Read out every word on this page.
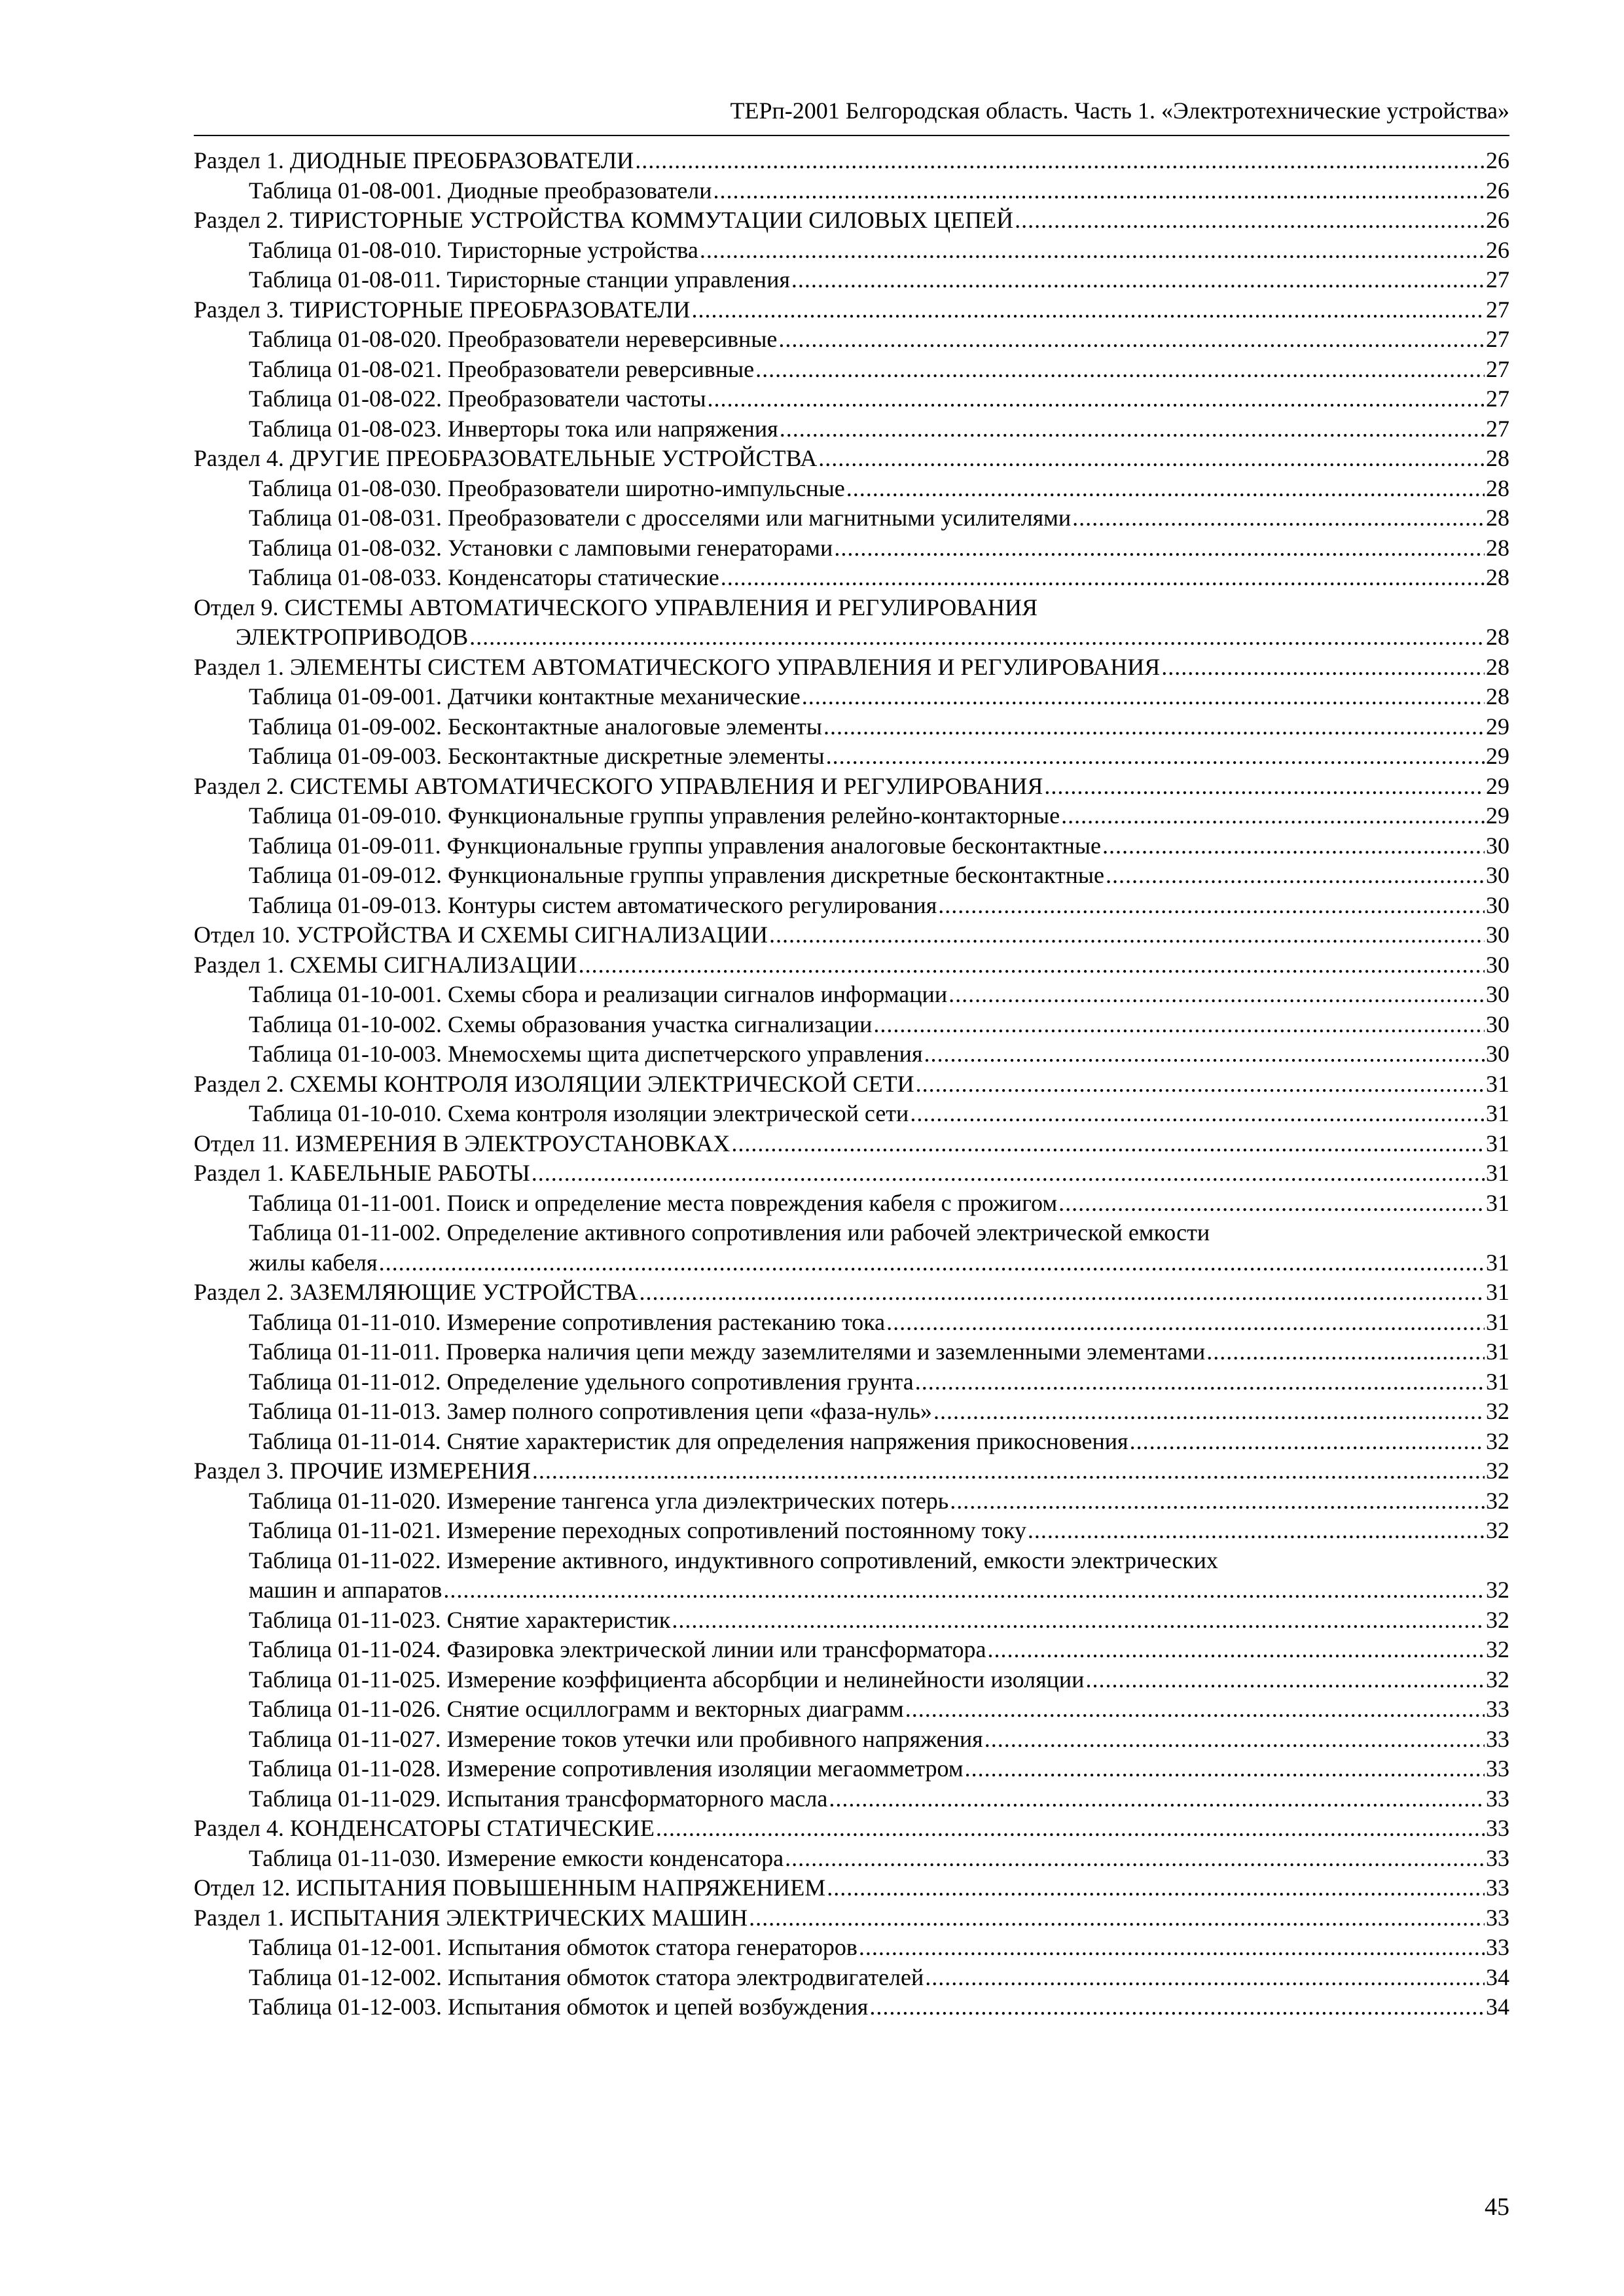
ТЕРп-2001 Белгородская область. Часть 1. «Электротехнические устройства»
Раздел 1. ДИОДНЫЕ ПРЕОБРАЗОВАТЕЛИ .....	26
Таблица 01-08-001. Диодные преобразователи .....	26
Раздел 2. ТИРИСТОРНЫЕ УСТРОЙСТВА КОММУТАЦИИ СИЛОВЫХ ЦЕПЕЙ .....	26
Таблица 01-08-010. Тиристорные устройства .....	26
Таблица 01-08-011. Тиристорные станции управления .....	27
Раздел 3. ТИРИСТОРНЫЕ ПРЕОБРАЗОВАТЕЛИ .....	27
Таблица 01-08-020. Преобразователи нереверсивные .....	27
Таблица 01-08-021. Преобразователи реверсивные .....	27
Таблица 01-08-022. Преобразователи частоты .....	27
Таблица 01-08-023. Инверторы тока или напряжения .....	27
Раздел 4. ДРУГИЕ ПРЕОБРАЗОВАТЕЛЬНЫЕ УСТРОЙСТВА .....	28
Таблица 01-08-030. Преобразователи широтно-импульсные .....	28
Таблица 01-08-031. Преобразователи с дросселями или магнитными усилителями .....	28
Таблица 01-08-032. Установки с ламповыми генераторами .....	28
Таблица 01-08-033. Конденсаторы статические .....	28
Отдел 9. СИСТЕМЫ АВТОМАТИЧЕСКОГО УПРАВЛЕНИЯ И РЕГУЛИРОВАНИЯ
ЭЛЕКТРОПРИВОДОВ .....	28
Раздел 1. ЭЛЕМЕНТЫ СИСТЕМ АВТОМАТИЧЕСКОГО УПРАВЛЕНИЯ И РЕГУЛИРОВАНИЯ .....	28
Таблица 01-09-001. Датчики контактные механические .....	28
Таблица 01-09-002. Бесконтактные аналоговые элементы .....	29
Таблица 01-09-003. Бесконтактные дискретные элементы .....	29
Раздел 2. СИСТЕМЫ АВТОМАТИЧЕСКОГО УПРАВЛЕНИЯ И РЕГУЛИРОВАНИЯ .....	29
Таблица 01-09-010. Функциональные группы управления релейно-контакторные .....	29
Таблица 01-09-011. Функциональные группы управления аналоговые бесконтактные .....	30
Таблица 01-09-012. Функциональные группы управления дискретные бесконтактные .....	30
Таблица 01-09-013. Контуры систем автоматического регулирования .....	30
Отдел 10. УСТРОЙСТВА И СХЕМЫ СИГНАЛИЗАЦИИ .....	30
Раздел 1. СХЕМЫ СИГНАЛИЗАЦИИ .....	30
Таблица 01-10-001. Схемы сбора и реализации сигналов информации .....	30
Таблица 01-10-002. Схемы образования участка сигнализации .....	30
Таблица 01-10-003. Мнемосхемы щита диспетчерского управления .....	30
Раздел 2. СХЕМЫ КОНТРОЛЯ ИЗОЛЯЦИИ ЭЛЕКТРИЧЕСКОЙ СЕТИ .....	31
Таблица 01-10-010. Схема контроля изоляции электрической сети .....	31
Отдел 11. ИЗМЕРЕНИЯ В ЭЛЕКТРОУСТАНОВКАХ .....	31
Раздел 1. КАБЕЛЬНЫЕ РАБОТЫ .....	31
Таблица 01-11-001. Поиск и определение места повреждения кабеля с прожигом .....	31
Таблица 01-11-002. Определение активного сопротивления или рабочей электрической емкости
жилы кабеля .....	31
Раздел 2. ЗАЗЕМЛЯЮЩИЕ УСТРОЙСТВА .....	31
Таблица 01-11-010. Измерение сопротивления растеканию тока .....	31
Таблица 01-11-011. Проверка наличия цепи между заземлителями и заземленными элементами .....	31
Таблица 01-11-012. Определение удельного сопротивления грунта .....	31
Таблица 01-11-013. Замер полного сопротивления цепи «фаза-нуль» .....	32
Таблица 01-11-014. Снятие характеристик для определения напряжения прикосновения .....	32
Раздел 3. ПРОЧИЕ ИЗМЕРЕНИЯ .....	32
Таблица 01-11-020. Измерение тангенса угла диэлектрических потерь .....	32
Таблица 01-11-021. Измерение переходных сопротивлений постоянному току .....	32
Таблица 01-11-022. Измерение активного, индуктивного сопротивлений, емкости электрических
машин и аппаратов .....	32
Таблица 01-11-023. Снятие характеристик .....	32
Таблица 01-11-024. Фазировка электрической линии или трансформатора .....	32
Таблица 01-11-025. Измерение коэффициента абсорбции и нелинейности изоляции .....	32
Таблица 01-11-026. Снятие осциллограмм и векторных диаграмм .....	33
Таблица 01-11-027. Измерение токов утечки или пробивного напряжения .....	33
Таблица 01-11-028. Измерение сопротивления изоляции мегаомметром .....	33
Таблица 01-11-029. Испытания трансформаторного масла .....	33
Раздел 4. КОНДЕНСАТОРЫ СТАТИЧЕСКИЕ .....	33
Таблица 01-11-030. Измерение емкости конденсатора .....	33
Отдел 12. ИСПЫТАНИЯ ПОВЫШЕННЫМ НАПРЯЖЕНИЕМ .....	33
Раздел 1. ИСПЫТАНИЯ ЭЛЕКТРИЧЕСКИХ МАШИН .....	33
Таблица 01-12-001. Испытания обмоток статора генераторов .....	33
Таблица 01-12-002. Испытания обмоток статора электродвигателей .....	34
Таблица 01-12-003. Испытания обмоток и цепей возбуждения .....	34
45
